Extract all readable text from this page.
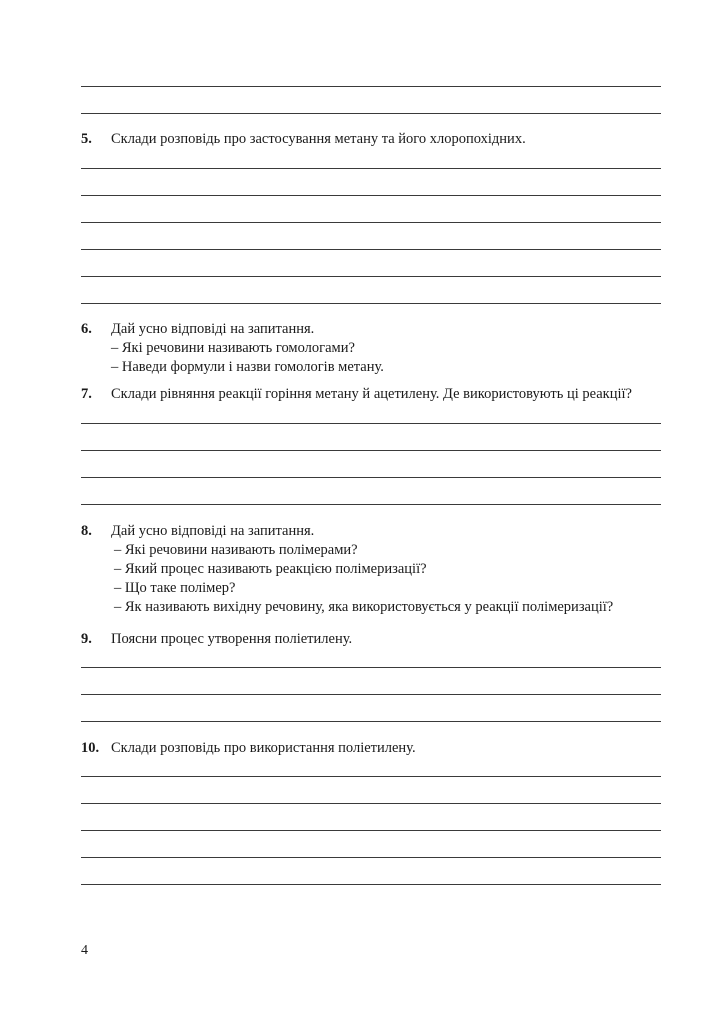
5. Склади розповідь про застосування метану та його хлоропохідних.
6. Дай усно відповіді на запитання.
– Які речовини називають гомологами?
– Наведи формули і назви гомологів метану.
7. Склади рівняння реакції горіння метану й ацетилену. Де використовують ці реакції?
8. Дай усно відповіді на запитання.
– Які речовини називають полімерами?
– Який процес називають реакцією полімеризації?
– Що таке полімер?
– Як називають вихідну речовину, яка використовується у реакції полімеризації?
9. Поясни процес утворення поліетилену.
10. Склади розповідь про використання поліетилену.
4
